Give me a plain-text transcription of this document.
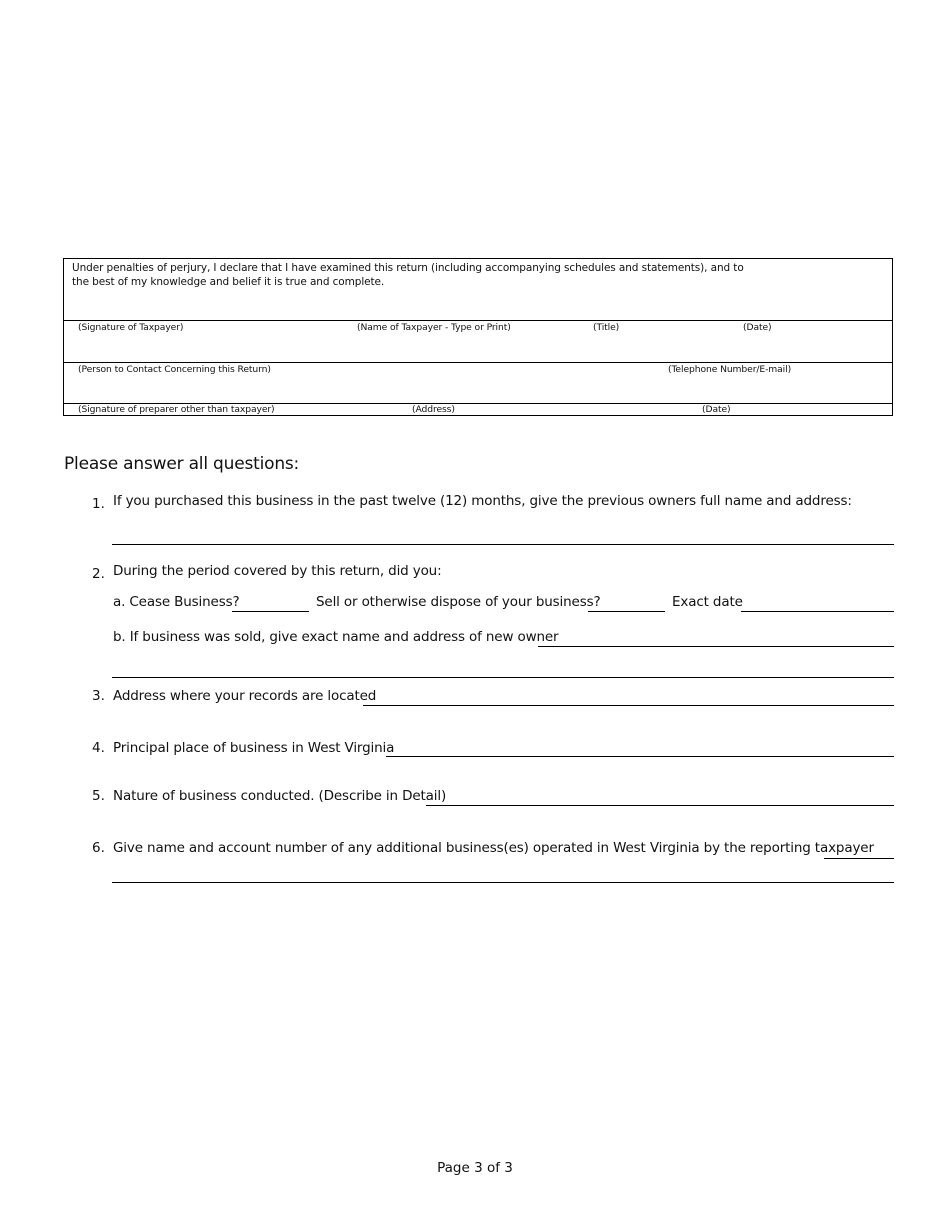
Under penalties of perjury, I declare that I have examined this return (including accompanying schedules and statements), and to the best of my knowledge and belief it is true and complete.
(Signature of Taxpayer)	(Name of Taxpayer - Type or Print)	(Title)	(Date)
(Person to Contact Concerning this Return)	(Telephone Number/E-mail)
(Signature of preparer other than taxpayer)	(Address)	(Date)
Please answer all questions:
1. If you purchased this business in the past twelve (12) months, give the previous owners full name and address:
2. During the period covered by this return, did you:
a. Cease Business?	Sell or otherwise dispose of your business?	Exact date
b. If business was sold, give exact name and address of new owner
3. Address where your records are located
4. Principal place of business in West Virginia
5. Nature of business conducted. (Describe in Detail)
6. Give name and account number of any additional business(es) operated in West Virginia by the reporting taxpayer
Page 3 of 3
